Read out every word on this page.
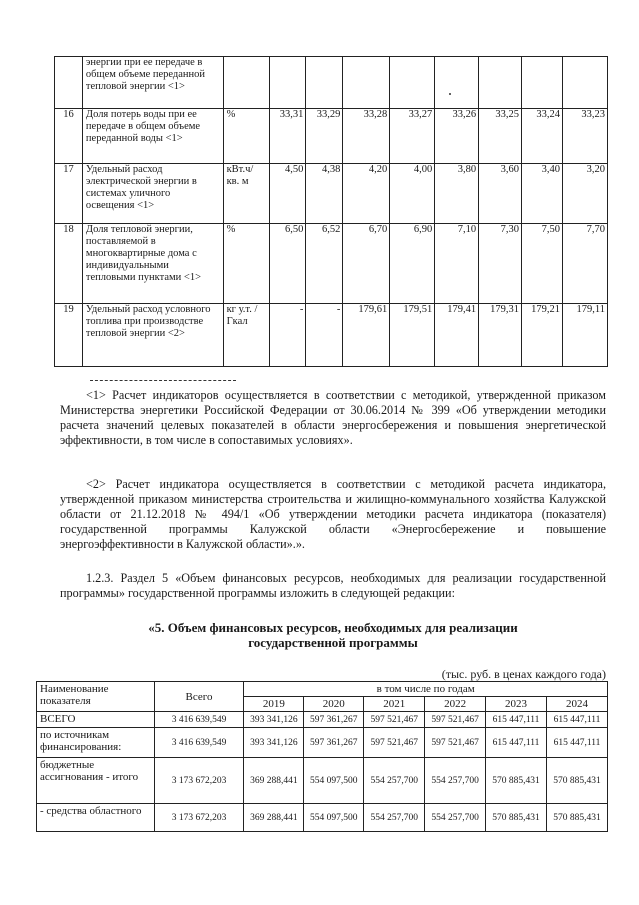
	энергии при ее передаче в общем объеме переданной тепловой энергии <1>									
16	Доля потерь воды при ее передаче в общем объеме переданной воды <1>	%	33,31	33,29	33,28	33,27	33,26	33,25	33,24	33,23
17	Удельный расход электрической энергии в системах уличного освещения <1>	кВт.ч/ кв. м	4,50	4,38	4,20	4,00	3,80	3,60	3,40	3,20
18	Доля тепловой энергии, поставляемой в многоквартирные дома с индивидуальными тепловыми пунктами <1>	%	6,50	6,52	6,70	6,90	7,10	7,30	7,50	7,70
19	Удельный расход условного топлива при производстве тепловой энергии <2>	кг у.т. / Гкал	-	-	179,61	179,51	179,41	179,31	179,21	179,11

<1> Расчет индикаторов осуществляется в соответствии с методикой, утвержденной приказом Министерства энергетики Российской Федерации от 30.06.2014 № 399 «Об утверждении методики расчета значений целевых показателей в области энергосбережения и повышения энергетической эффективности, в том числе в сопоставимых условиях».

<2> Расчет индикатора осуществляется в соответствии с методикой расчета индикатора, утвержденной приказом министерства строительства и жилищно-коммунального хозяйства Калужской области от 21.12.2018 № 494/1 «Об утверждении методики расчета индикатора (показателя) государственной программы Калужской области «Энергосбережение и повышение энергоэффективности в Калужской области».».

1.2.3. Раздел 5 «Объем финансовых ресурсов, необходимых для реализации государственной программы» государственной программы изложить в следующей редакции:

«5. Объем финансовых ресурсов, необходимых для реализации

государственной программы

(тыс. руб. в ценах каждого года)
Наименование показателя	Всего	в том числе по годам					
		2019	2020	2021	2022	2023	2024
ВСЕГО	3 416 639,549	393 341,126	597 361,267	597 521,467	597 521,467	615 447,111	615 447,111
по источникам финансирования:	3 416 639,549	393 341,126	597 361,267	597 521,467	597 521,467	615 447,111	615 447,111
бюджетные ассигнования - итого	3 173 672,203	369 288,441	554 097,500	554 257,700	554 257,700	570 885,431	570 885,431
- средства областного	3 173 672,203	369 288,441	554 097,500	554 257,700	554 257,700	570 885,431	570 885,431
